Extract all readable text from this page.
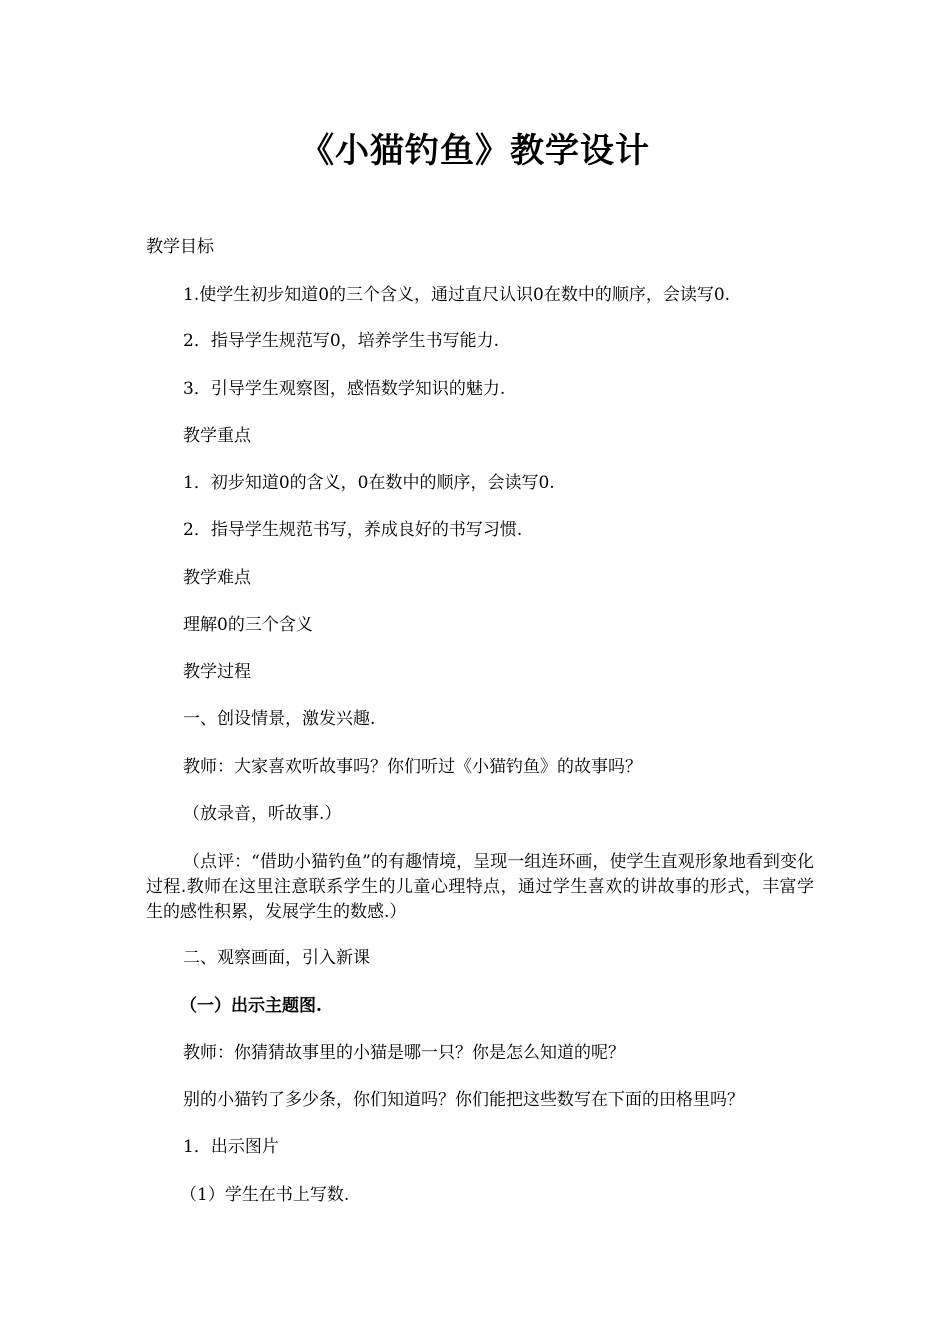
《小猫钓鱼》教学设计
教学目标
1.使学生初步知道0的三个含义，通过直尺认识0在数中的顺序，会读写0.
2．指导学生规范写0，培养学生书写能力.
3．引导学生观察图，感悟数学知识的魅力.
教学重点
1．初步知道0的含义，0在数中的顺序，会读写0.
2．指导学生规范书写，养成良好的书写习惯.
教学难点
理解0的三个含义
教学过程
一、创设情景，激发兴趣.
教师：大家喜欢听故事吗？你们听过《小猫钓鱼》的故事吗？
（放录音，听故事.）
（点评：“借助小猫钓鱼”的有趣情境，呈现一组连环画，使学生直观形象地看到变化过程.教师在这里注意联系学生的儿童心理特点，通过学生喜欢的讲故事的形式，丰富学生的感性积累，发展学生的数感.）
二、观察画面，引入新课
（一）出示主题图.
教师：你猜猜故事里的小猫是哪一只？你是怎么知道的呢？
别的小猫钓了多少条，你们知道吗？你们能把这些数写在下面的田格里吗？
1．出示图片
（1）学生在书上写数.
